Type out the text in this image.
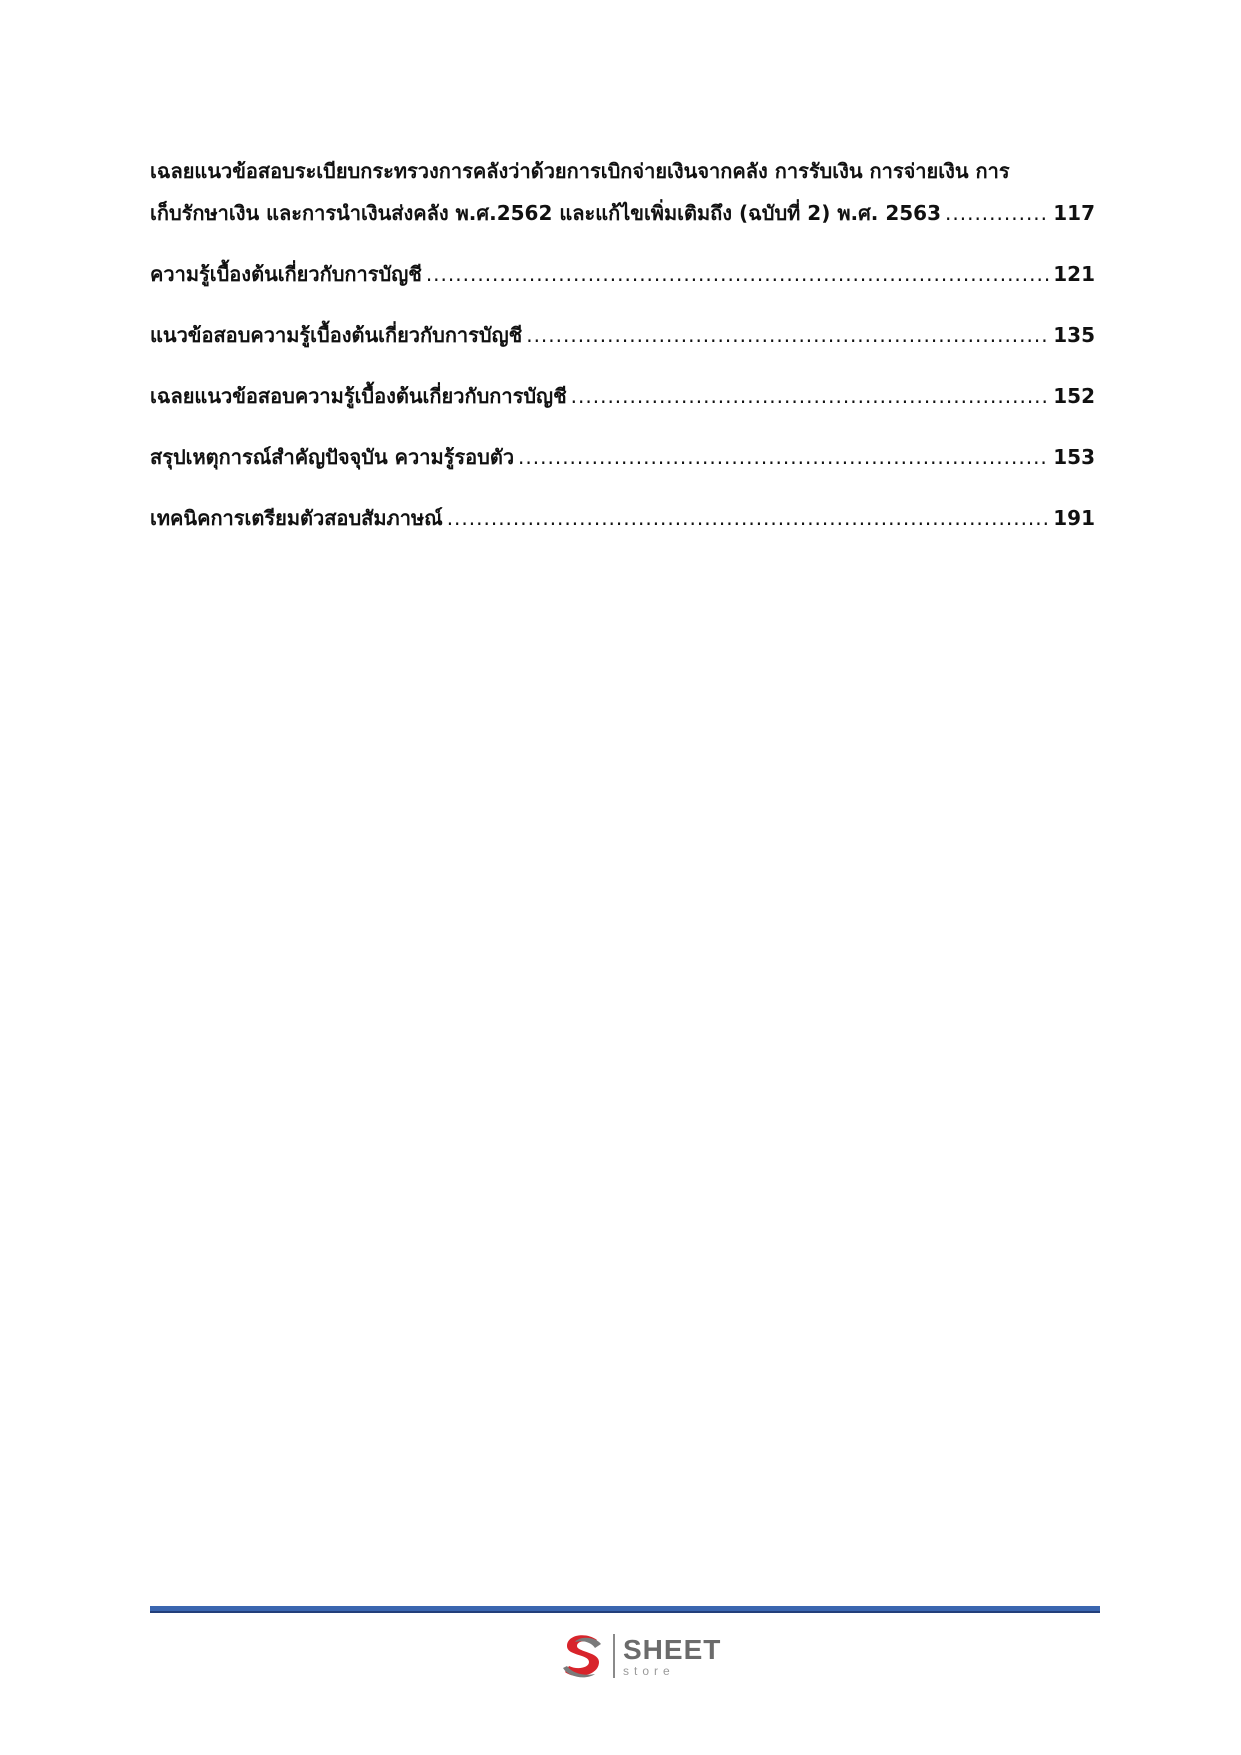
เฉลยแนวข้อสอบระเบียบกระทรวงการคลังว่าด้วยการเบิกจ่ายเงินจากคลัง การรับเงิน การจ่ายเงิน การ
เก็บรักษาเงิน และการนำเงินส่งคลัง พ.ศ.2562 และแก้ไขเพิ่มเติมถึง (ฉบับที่ 2) พ.ศ. 2563 .....	117
ความรู้เบื้องต้นเกี่ยวกับการบัญชี .....	121
แนวข้อสอบความรู้เบื้องต้นเกี่ยวกับการบัญชี .....	135
เฉลยแนวข้อสอบความรู้เบื้องต้นเกี่ยวกับการบัญชี .....	152
สรุปเหตุการณ์สำคัญปัจจุบัน ความรู้รอบตัว .....	153
เทคนิคการเตรียมตัวสอบสัมภาษณ์ .....	191
SHEET
store
